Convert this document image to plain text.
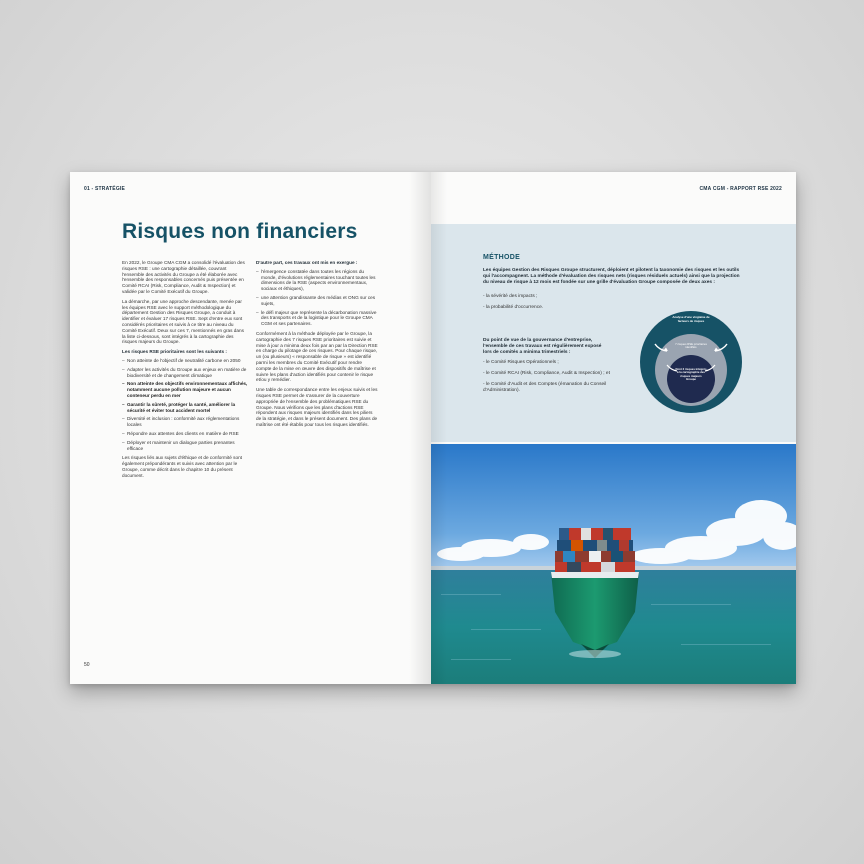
01 - STRATÉGIE
Risques non financiers

En 2022, le Groupe CMA CGM a consolidé l'évaluation des risques RSE : une cartographie détaillée, couvrant l'ensemble des activités du Groupe a été élaborée avec l'ensemble des responsables concernés puis présentée en Comité RCAI (Risk, Compliance, Audit & Inspection) et validée par le Comité Exécutif du Groupe.

La démarche, par une approche descendante, menée par les équipes RSE avec le support méthodologique du département Gestion des Risques Groupe, a conduit à identifier et évaluer 17 risques RSE. Sept d'entre eux sont considérés prioritaires et suivis à ce titre au niveau du Comité Exécutif. Deux sur ces 7, mentionnés en gras dans la liste ci-dessous, sont intégrés à la cartographie des risques majeurs du Groupe.

Les risques RSE prioritaires sont les suivants :

– Non atteinte de l'objectif de neutralité carbone en 2050
– Adapter les activités du Groupe aux enjeux en matière de biodiversité et de changement climatique
– Non atteinte des objectifs environnementaux affichés, notamment aucune pollution majeure et aucun conteneur perdu en mer
– Garantir la sûreté, protéger la santé, améliorer la sécurité et éviter tout accident mortel
– Diversité et inclusion : conformité aux réglementations locales
– Répondre aux attentes des clients en matière de RSE
– Déployer et maintenir un dialogue parties prenantes efficace

Les risques liés aux sujets d'éthique et de conformité sont également prépondérants et suivis avec attention par le Groupe, comme décrit dans le chapitre 10 du présent document.

D'autre part, ces travaux ont mis en exergue :

– l'émergence constatée dans toutes les régions du monde, d'évolutions réglementaires touchant toutes les dimensions de la RSE (aspects environnementaux, sociaux et éthiques),
– une attention grandissante des médias et ONG sur ces sujets,
– le défi majeur que représente la décarbonation massive des transports et de la logistique pour le Groupe CMA CGM et ses partenaires.

Conformément à la méthode déployée par le Groupe, la cartographie des 7 risques RSE prioritaires est suivie et mise à jour a minima deux fois par an par la Direction RSE en charge du pilotage de ces risques. Pour chaque risque, un (ou plusieurs) « responsable de risque » est identifié parmi les membres du Comité Exécutif pour rendre compte de la mise en œuvre des dispositifs de maîtrise et suivre les plans d'action identifiés pour contenir le risque et/ou y remédier.

Une table de correspondance entre les enjeux suivis et les risques RSE permet de s'assurer de la couverture appropriée de l'ensemble des problématiques RSE du Groupe. Nous vérifions que les plans d'actions RSE répondent aux risques majeurs identifiés dans les piliers de la stratégie, et dans le présent document. Des plans de maîtrise ont été établis pour tous les risques identifiés.

50
CMA CGM - RAPPORT RSE 2022
MÉTHODE
Les équipes Gestion des Risques Groupe structurent, déploient et pilotent la taxonomie des risques et les outils qui l'accompagnent. La méthode d'évaluation des risques nets (risques résiduels actuels) ainsi que la projection du niveau de risque à 12 mois est fondée sur une grille d'évaluation Groupe composée de deux axes :
- la sévérité des impacts ;
- la probabilité d'occurrence.
Du point de vue de la gouvernance d'entreprise, l'ensemble de ces travaux est régulièrement exposé lors de comités a minima trimestriels :
- le Comité Risques Opérationnels ;
- le Comité RCAI (Risk, Compliance, Audit & Inspection) ; et
- le Comité d'Audit et des Comptes (émanation du Conseil d'Administration).
Analyse d'une vingtaine de facteurs de risques
7 risques RSE prioritaires identifiés
Dont 2 risques intégrés à la cartographie des risques majeurs Groupe
